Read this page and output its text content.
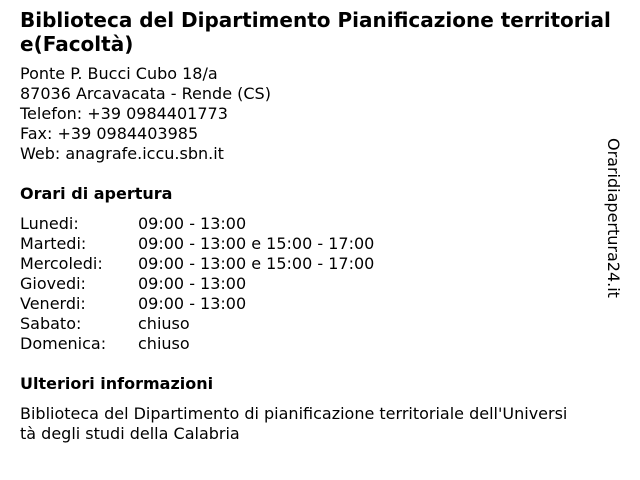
Biblioteca del Dipartimento Pianificazione territoriale(Facoltà)
Ponte P. Bucci Cubo 18/a
87036 Arcavacata - Rende (CS)
Telefon: +39 0984401773
Fax: +39 0984403985
Web: anagrafe.iccu.sbn.it
Orari di apertura
Lunedi:	09:00 - 13:00
Martedi:	09:00 - 13:00 e 15:00 - 17:00
Mercoledi:	09:00 - 13:00 e 15:00 - 17:00
Giovedi:	09:00 - 13:00
Venerdi:	09:00 - 13:00
Sabato:	chiuso
Domenica:	chiuso
Ulteriori informazioni

Biblioteca del Dipartimento di pianificazione territoriale dell'Università degli studi della Calabria

Oraridiapertura24.it
